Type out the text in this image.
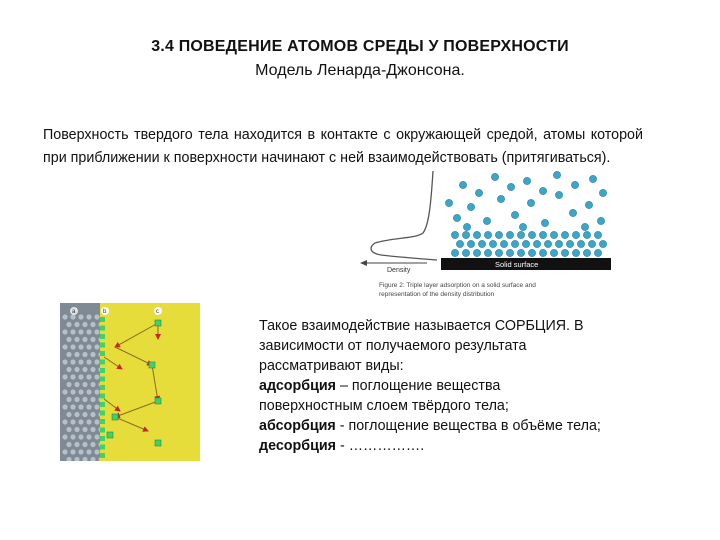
3.4 ПОВЕДЕНИЕ АТОМОВ СРЕДЫ У ПОВЕРХНОСТИ
Модель Ленарда-Джонсона.
Поверхность твердого тела находится в контакте с окружающей средой, атомы которой при приближении к поверхности начинают с ней взаимодействовать (притягиваться).
Density
Solid surface
Figure 2: Triple layer adsorption on a solid surface and
representation of the density distribution
a	b	c
Такое взаимодействие называется СОРБЦИЯ. В
зависимости от получаемого результата
рассматривают виды:
адсорбция – поглощение вещества
поверхностным слоем твёрдого тела;
абсорбция - поглощение вещества в объёме тела;
десорбция - …………….
